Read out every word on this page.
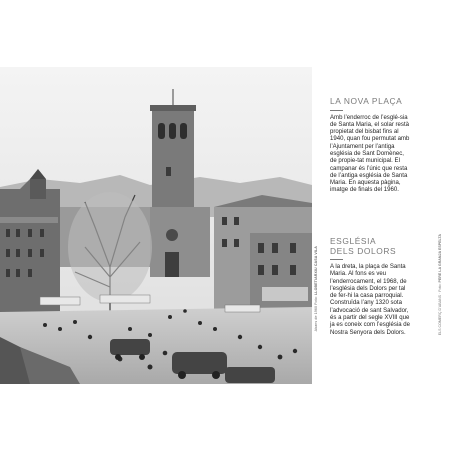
Abans de 1960 Foto: LLOBET/ARXIU CASA VILA
LA NOVA PLAÇA
Amb l’enderroc de l’esglé-sia de Santa Maria, el solar restà propietat del bisbat fins al 1940, quan fou permutat amb l’Ajuntament per l’antiga església de Sant Domènec, de propie-tat municipal. El campanar és l’únic que resta de l’antiga església de Santa Maria. En aquesta pàgina, imatge de finals del 1960.
ESGLÉSIA
DELS DOLORS
A la dreta, la plaça de Santa Maria. Al fons es veu l’enderrocament, el 1968, de l’església dels Dolors per tal de fer-hi la casa parroquial. Construïda l’any 1320 sota l’advocació de sant Salvador, és a partir del segle XVIII que ja es coneix com l’església de Nostra Senyora dels Dolors.	ELS COMERÇ D’ABANS · Foto: PERE LA GRANJA ESPELTA
